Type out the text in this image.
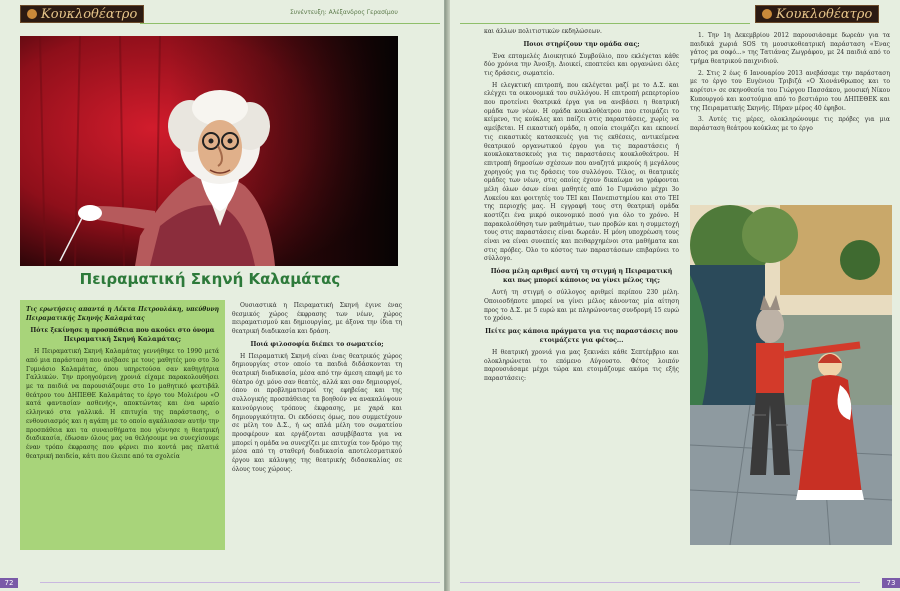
Κουκλοθέατρο	Συνέντευξη: Αλέξανδρος Γερασίμου
Πειραματική Σκηνή Καλαμάτας

Τις ερωτήσεις απαντά η Λέκτα Πετρουλάκη, υπεύθυνη Πειραματικής Σκηνής Καλαμάτας

Πότε ξεκίνησε η προσπάθεια που ακούει στο όνομα Πειραματική Σκηνή Καλαμάτας;

Η Πειραματική Σκηνή Καλαμάτας γεννήθηκε το 1990 μετά από μια παράσταση που ανέβασε με τους μαθητές μου στο 3ο Γυμνάσιο Καλαμάτας, όπου υπηρετούσα σαν καθηγήτρια Γαλλικών. Την προηγούμενη χρονιά είχαμε παρακολουθήσει με τα παιδιά να παρουσιάζουμε στο 1ο μαθητικό φεστιβάλ θεάτρου του ΔΗΠΕΘΕ Καλαμάτας το έργο του Μολιέρου «Ο κατά φαντασίαν ασθενής», αποκτώντας και ένα ωραίο ελληνικό στα γαλλικά. Η επιτυχία της παράστασης, ο ενθουσιασμός και η αγάπη με το οποίο αγκάλιασαν αυτήν την προσπάθεια και τα συναισθήματα που γέννησε η θεατρική διαδικασία, έδωσαν όλους μας να θελήσουμε να συνεχίσουμε έναν τρόπο έκφρασης που φέρνει πιο κοντά μας πλατιά θεατρική παιδεία, κάτι που έλειπε από τα σχολεία

Ουσιαστικά η Πειραματική Σκηνή έγινε ένας θεσμικός χώρος έκφρασης των νέων, χώρος πειραματισμού και δημιουργίας, με άξονα την ίδια τη θεατρική διαδικασία και δράση.

Ποιά φιλοσοφία διέπει το σωματείο;

Η Πειραματική Σκηνή είναι ένας θεατρικός χώρος δημιουργίας στον οποίο τα παιδιά διδάσκονται τη θεατρική διαδικασία, μέσα από την άμεση επαφή με το θέατρο όχι μόνο σαν θεατές, αλλά και σαν δημιουργοί, όπου οι προβληματισμοί της εφηβείας και της συλλογικής προσπάθειας τα βοηθούν να ανακαλύψουν καινούργιους τρόπους έκφρασης, με χαρά και δημιουργικότητα. Οι εκδόσεις όμως, που συμμετέχουν σε μέλη του Δ.Σ., ή ως απλά μέλη του σωματείου προσφέρουν και εργάζονται ασυμβίβαστα για να μπορεί η ομάδα να συνεχίζει με επιτυχία τον δρόμο της μέσα από τη σταθερή διαδικασία αποτελεσματικού έργου και κάλυψης της θεατρικής διδασκαλίας σε όλους τους χώρους.

72
Κουκλοθέατρο

και άλλων πολιτιστικών εκδηλώσεων.

Ποιοι στηρίζουν την ομάδα σας;

Ένα επταμελές Διοικητικό Συμβούλιο, που εκλέγεται κάθε δύο χρόνια την Άνοιξη. Διοικεί, εποπτεύει και οργανώνει όλες τις δράσεις, σωματείο.

Η ελεγκτική επιτροπή, που εκλέγεται μαζί με το Δ.Σ. και ελέγχει τα οικονομικά του συλλόγου. Η επιτροπή ρεπερτορίου που προτείνει θεατρικά έργα για να ανεβάσει η θεατρική ομάδα των νέων. Η ομάδα κουκλοθέατρου που ετοιμάζει το κείμενο, τις κούκλες και παίζει στις παραστάσεις, χωρίς να αμείβεται. Η εικαστική ομάδα, η οποία ετοιμάζει και εκπονεί τις εικαστικές κατασκευές για τις εκθέσεις, αντικείμενα θεατρικού οργανωτικού έργου για τις παραστάσεις ή κουκλοκατασκευές για τις παραστάσεις κουκλοθεάτρου. Η επιτροπή δημοσίων σχέσεων που αναζητά μικρούς ή μεγάλους χορηγούς για τις δράσεις του συλλόγου. Τέλος, οι θεατρικές ομάδες των νέων, στις οποίες έχουν δικαίωμα να γράφονται μέλη όλων όσων είναι μαθητές από 1ο Γυμνάσιο μέχρι 3ο Λυκείου και φοιτητές του ΤΕΙ και Πανεπιστημίου και στο ΤΕΙ της περιοχής μας. Η εγγραφή τους στη θεατρική ομάδα κοστίζει ένα μικρό οικονομικό ποσό για όλο το χρόνο. Η παρακολούθηση των μαθημάτων, των προβών και η συμμετοχή τους στις παραστάσεις είναι δωρεάν. Η μόνη υποχρέωση τους είναι να είναι συνεπείς και πειθαρχημένοι στα μαθήματα και στις πρόβες. Όλο το κόστος των παραστάσεων επιβαρύνει το σύλλογο.

Πόσα μέλη αριθμεί αυτή τη στιγμή η Πειραματική και πως μπορεί κάποιος να γίνει μέλος της;

Αυτή τη στιγμή ο σύλλογος αριθμεί περίπου 230 μέλη. Οποιοσδήποτε μπορεί να γίνει μέλος κάνοντας μία αίτηση προς το Δ.Σ. με 5 ευρώ και με πληρώνοντας συνδρομή 15 ευρώ το χρόνο.

Πείτε μας κάποια πράγματα για τις παραστάσεις που ετοιμάζετε για φέτος...

Η θεατρική χρονιά για μας ξεκινάει κάθε Σεπτέμβριο και ολοκληρώνεται το επόμενο Αύγουστο. Φέτος λοιπόν παρουσιάσαμε μέχρι τώρα και ετοιμάζουμε ακόμα τις εξής παραστάσεις:

1. Την 1η Δεκεμβρίου 2012 παρουσιάσαμε δωρεάν για τα παιδικά χωριά SOS τη μουσικοθεατρική παράσταση «Ένας γάτος μα σοφό...» της Τατιάνας Ζωγράφου, με 24 παιδιά από το τμήμα θεατρικού παιχνιδιού.

2. Στις 2 έως 6 Ιανουαρίου 2013 ανεβάσαμε την παράσταση με το έργο του Ευγένιου Τριβιζά «Ο Χιονάνθρωπος και το κορίτσι» σε σκηνοθεσία του Γιώργου Πασσάκου, μουσική Νίκου Κυπουργού και κοστούμια από το βεστιάριο του ΔΗΠΕΘΕΚ και της Πειραματικής Σκηνής. Πήραν μέρος 40 έφηβοι.

3. Αυτές τις μέρες, ολοκληρώνουμε τις πρόβες για μια παράσταση θεάτρου κούκλας με το έργο

73
